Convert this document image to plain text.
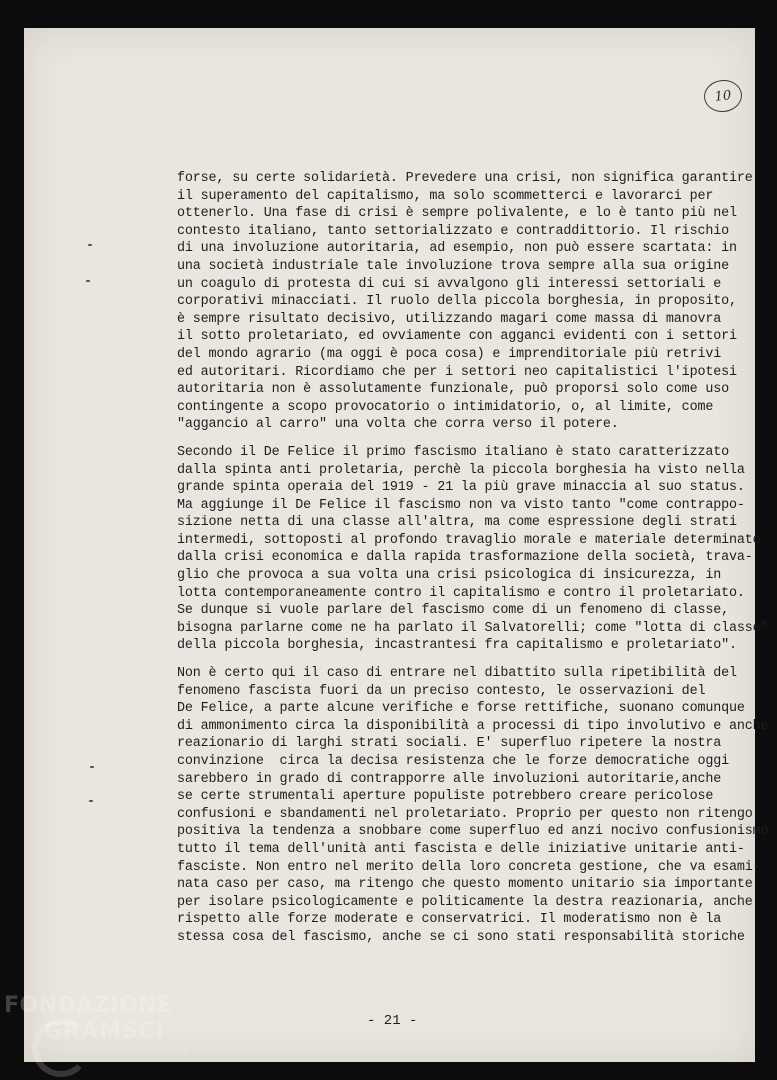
10
forse, su certe solidarietà. Prevedere una crisi, non significa garantire
il superamento del capitalismo, ma solo scommetterci e lavorarci per
ottenerlo. Una fase di crisi è sempre polivalente, e lo è tanto più nel
contesto italiano, tanto settorializzato e contraddittorio. Il rischio
di una involuzione autoritaria, ad esempio, non può essere scartata: in
una società industriale tale involuzione trova sempre alla sua origine
un coagulo di protesta di cui si avvalgono gli interessi settoriali e
corporativi minacciati. Il ruolo della piccola borghesia, in proposito,
è sempre risultato decisivo, utilizzando magari come massa di manovra
il sotto proletariato, ed ovviamente con agganci evidenti con i settori
del mondo agrario (ma oggi è poca cosa) e imprenditoriale più retrivi
ed autoritari. Ricordiamo che per i settori neo capitalistici l'ipotesi
autoritaria non è assolutamente funzionale, può proporsi solo come uso
contingente a scopo provocatorio o intimidatorio, o, al limite, come
"aggancio al carro" una volta che corra verso il potere.
Secondo il De Felice il primo fascismo italiano è stato caratterizzato
dalla spinta anti proletaria, perchè la piccola borghesia ha visto nella
grande spinta operaia del 1919 - 21 la più grave minaccia al suo status.
Ma aggiunge il De Felice il fascismo non va visto tanto "come contrappo-
sizione netta di una classe all'altra, ma come espressione degli strati
intermedi, sottoposti al profondo travaglio morale e materiale determinato
dalla crisi economica e dalla rapida trasformazione della società, trava-
glio che provoca a sua volta una crisi psicologica di insicurezza, in
lotta contemporaneamente contro il capitalismo e contro il proletariato.
Se dunque si vuole parlare del fascismo come di un fenomeno di classe,
bisogna parlarne come ne ha parlato il Salvatorelli; come "lotta di classe"
della piccola borghesia, incastrantesi fra capitalismo e proletariato".
Non è certo qui il caso di entrare nel dibattito sulla ripetibilità del
fenomeno fascista fuori da un preciso contesto, le osservazioni del
De Felice, a parte alcune verifiche e forse rettifiche, suonano comunque
di ammonimento circa la disponibilità a processi di tipo involutivo e anche
reazionario di larghi strati sociali. E' superfluo ripetere la nostra
convinzione  circa la decisa resistenza che le forze democratiche oggi
sarebbero in grado di contrapporre alle involuzioni autoritarie,anche
se certe strumentali aperture populiste potrebbero creare pericolose
confusioni e sbandamenti nel proletariato. Proprio per questo non ritengo
positiva la tendenza a snobbare come superfluo ed anzi nocivo confusionismo
tutto il tema dell'unità anti fascista e delle iniziative unitarie anti-
fasciste. Non entro nel merito della loro concreta gestione, che va esami-
nata caso per caso, ma ritengo che questo momento unitario sia importante
per isolare psicologicamente e politicamente la destra reazionaria, anche
rispetto alle forze moderate e conservatrici. Il moderatismo non è la
stessa cosa del fascismo, anche se ci sono stati responsabilità storiche
- 21 -
FONDAZIONE
GRAMSCI
onlus
